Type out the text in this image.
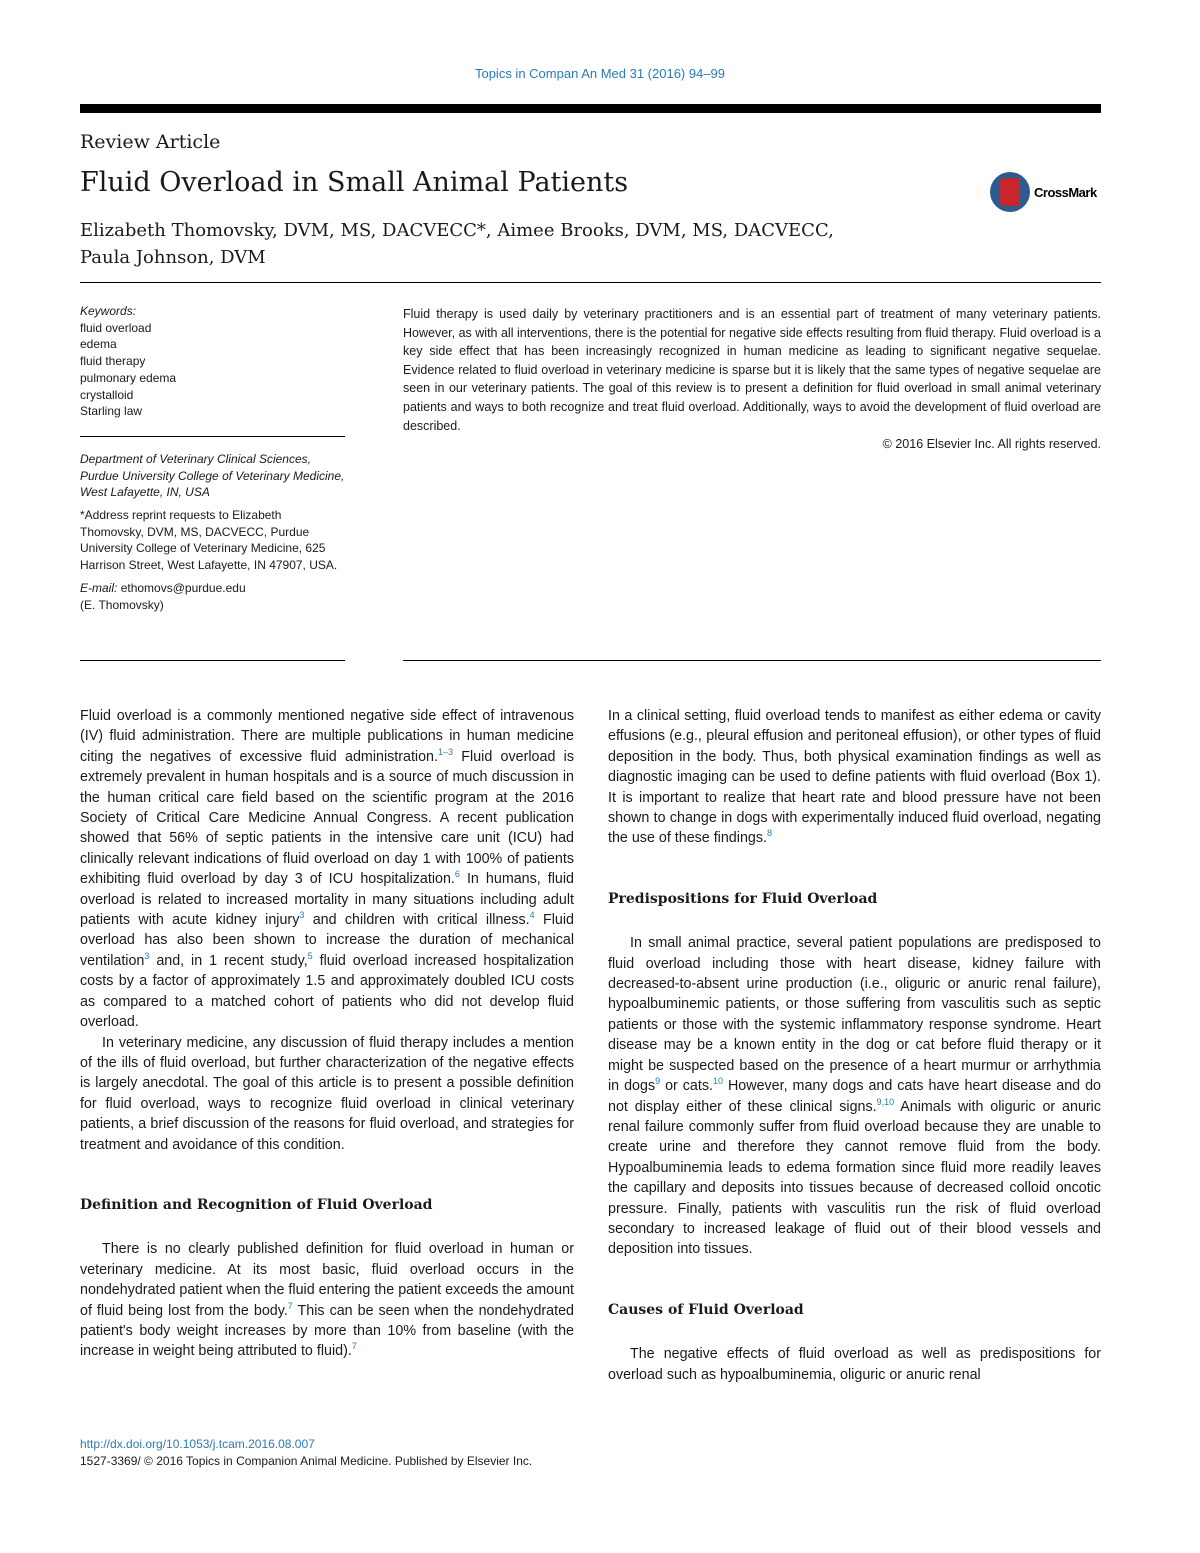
Topics in Compan An Med 31 (2016) 94–99
Review Article
Fluid Overload in Small Animal Patients	CrossMark
Elizabeth Thomovsky, DVM, MS, DACVECC*, Aimee Brooks, DVM, MS, DACVECC,
Paula Johnson, DVM

Keywords:

fluid overload

edema

fluid therapy

pulmonary edema

crystalloid

Starling law

Department of Veterinary Clinical Sciences, Purdue University College of Veterinary Medicine, West Lafayette, IN, USA

*Address reprint requests to Elizabeth Thomovsky, DVM, MS, DACVECC, Purdue University College of Veterinary Medicine, 625 Harrison Street, West Lafayette, IN 47907, USA.

E-mail: ethomovs@purdue.edu

(E. Thomovsky)

Fluid therapy is used daily by veterinary practitioners and is an essential part of treatment of many veterinary patients. However, as with all interventions, there is the potential for negative side effects resulting from fluid therapy. Fluid overload is a key side effect that has been increasingly recognized in human medicine as leading to significant negative sequelae. Evidence related to fluid overload in veterinary medicine is sparse but it is likely that the same types of negative sequelae are seen in our veterinary patients. The goal of this review is to present a definition for fluid overload in small animal veterinary patients and ways to both recognize and treat fluid overload. Additionally, ways to avoid the development of fluid overload are described.
© 2016 Elsevier Inc. All rights reserved.

Fluid overload is a commonly mentioned negative side effect of intravenous (IV) fluid administration. There are multiple publications in human medicine citing the negatives of excessive fluid administration.$^{1-3}$ Fluid overload is extremely prevalent in human hospitals and is a source of much discussion in the human critical care field based on the scientific program at the 2016 Society of Critical Care Medicine Annual Congress. A recent publication showed that 56% of septic patients in the intensive care unit (ICU) had clinically relevant indications of fluid overload on day 1 with 100% of patients exhibiting fluid overload by day 3 of ICU hospitalization.$^6$ In humans, fluid overload is related to increased mortality in many situations including adult patients with acute kidney injury$^3$ and children with critical illness.$^4$ Fluid overload has also been shown to increase the duration of mechanical ventilation$^3$ and, in 1 recent study,$^5$ fluid overload increased hospitalization costs by a factor of approximately 1.5 and approximately doubled ICU costs as compared to a matched cohort of patients who did not develop fluid overload.

In veterinary medicine, any discussion of fluid therapy includes a mention of the ills of fluid overload, but further characterization of the negative effects is largely anecdotal. The goal of this article is to present a possible definition for fluid overload, ways to recognize fluid overload in clinical veterinary patients, a brief discussion of the reasons for fluid overload, and strategies for treatment and avoidance of this condition.

Definition and Recognition of Fluid Overload

There is no clearly published definition for fluid overload in human or veterinary medicine. At its most basic, fluid overload occurs in the nondehydrated patient when the fluid entering the patient exceeds the amount of fluid being lost from the body.$^7$ This can be seen when the nondehydrated patient's body weight increases by more than 10% from baseline (with the increase in weight being attributed to fluid).$^7$

In a clinical setting, fluid overload tends to manifest as either edema or cavity effusions (e.g., pleural effusion and peritoneal effusion), or other types of fluid deposition in the body. Thus, both physical examination findings as well as diagnostic imaging can be used to define patients with fluid overload (Box 1). It is important to realize that heart rate and blood pressure have not been shown to change in dogs with experimentally induced fluid overload, negating the use of these findings.$^8$

Predispositions for Fluid Overload

In small animal practice, several patient populations are predisposed to fluid overload including those with heart disease, kidney failure with decreased-to-absent urine production (i.e., oliguric or anuric renal failure), hypoalbuminemic patients, or those suffering from vasculitis such as septic patients or those with the systemic inflammatory response syndrome. Heart disease may be a known entity in the dog or cat before fluid therapy or it might be suspected based on the presence of a heart murmur or arrhythmia in dogs$^9$ or cats.$^{10}$ However, many dogs and cats have heart disease and do not display either of these clinical signs.$^{9,10}$ Animals with oliguric or anuric renal failure commonly suffer from fluid overload because they are unable to create urine and therefore they cannot remove fluid from the body. Hypoalbuminemia leads to edema formation since fluid more readily leaves the capillary and deposits into tissues because of decreased colloid oncotic pressure. Finally, patients with vasculitis run the risk of fluid overload secondary to increased leakage of fluid out of their blood vessels and deposition into tissues.

Causes of Fluid Overload

The negative effects of fluid overload as well as predispositions for overload such as hypoalbuminemia, oliguric or anuric renal

http://dx.doi.org/10.1053/j.tcam.2016.08.007
1527-3369/ © 2016 Topics in Companion Animal Medicine. Published by Elsevier Inc.
